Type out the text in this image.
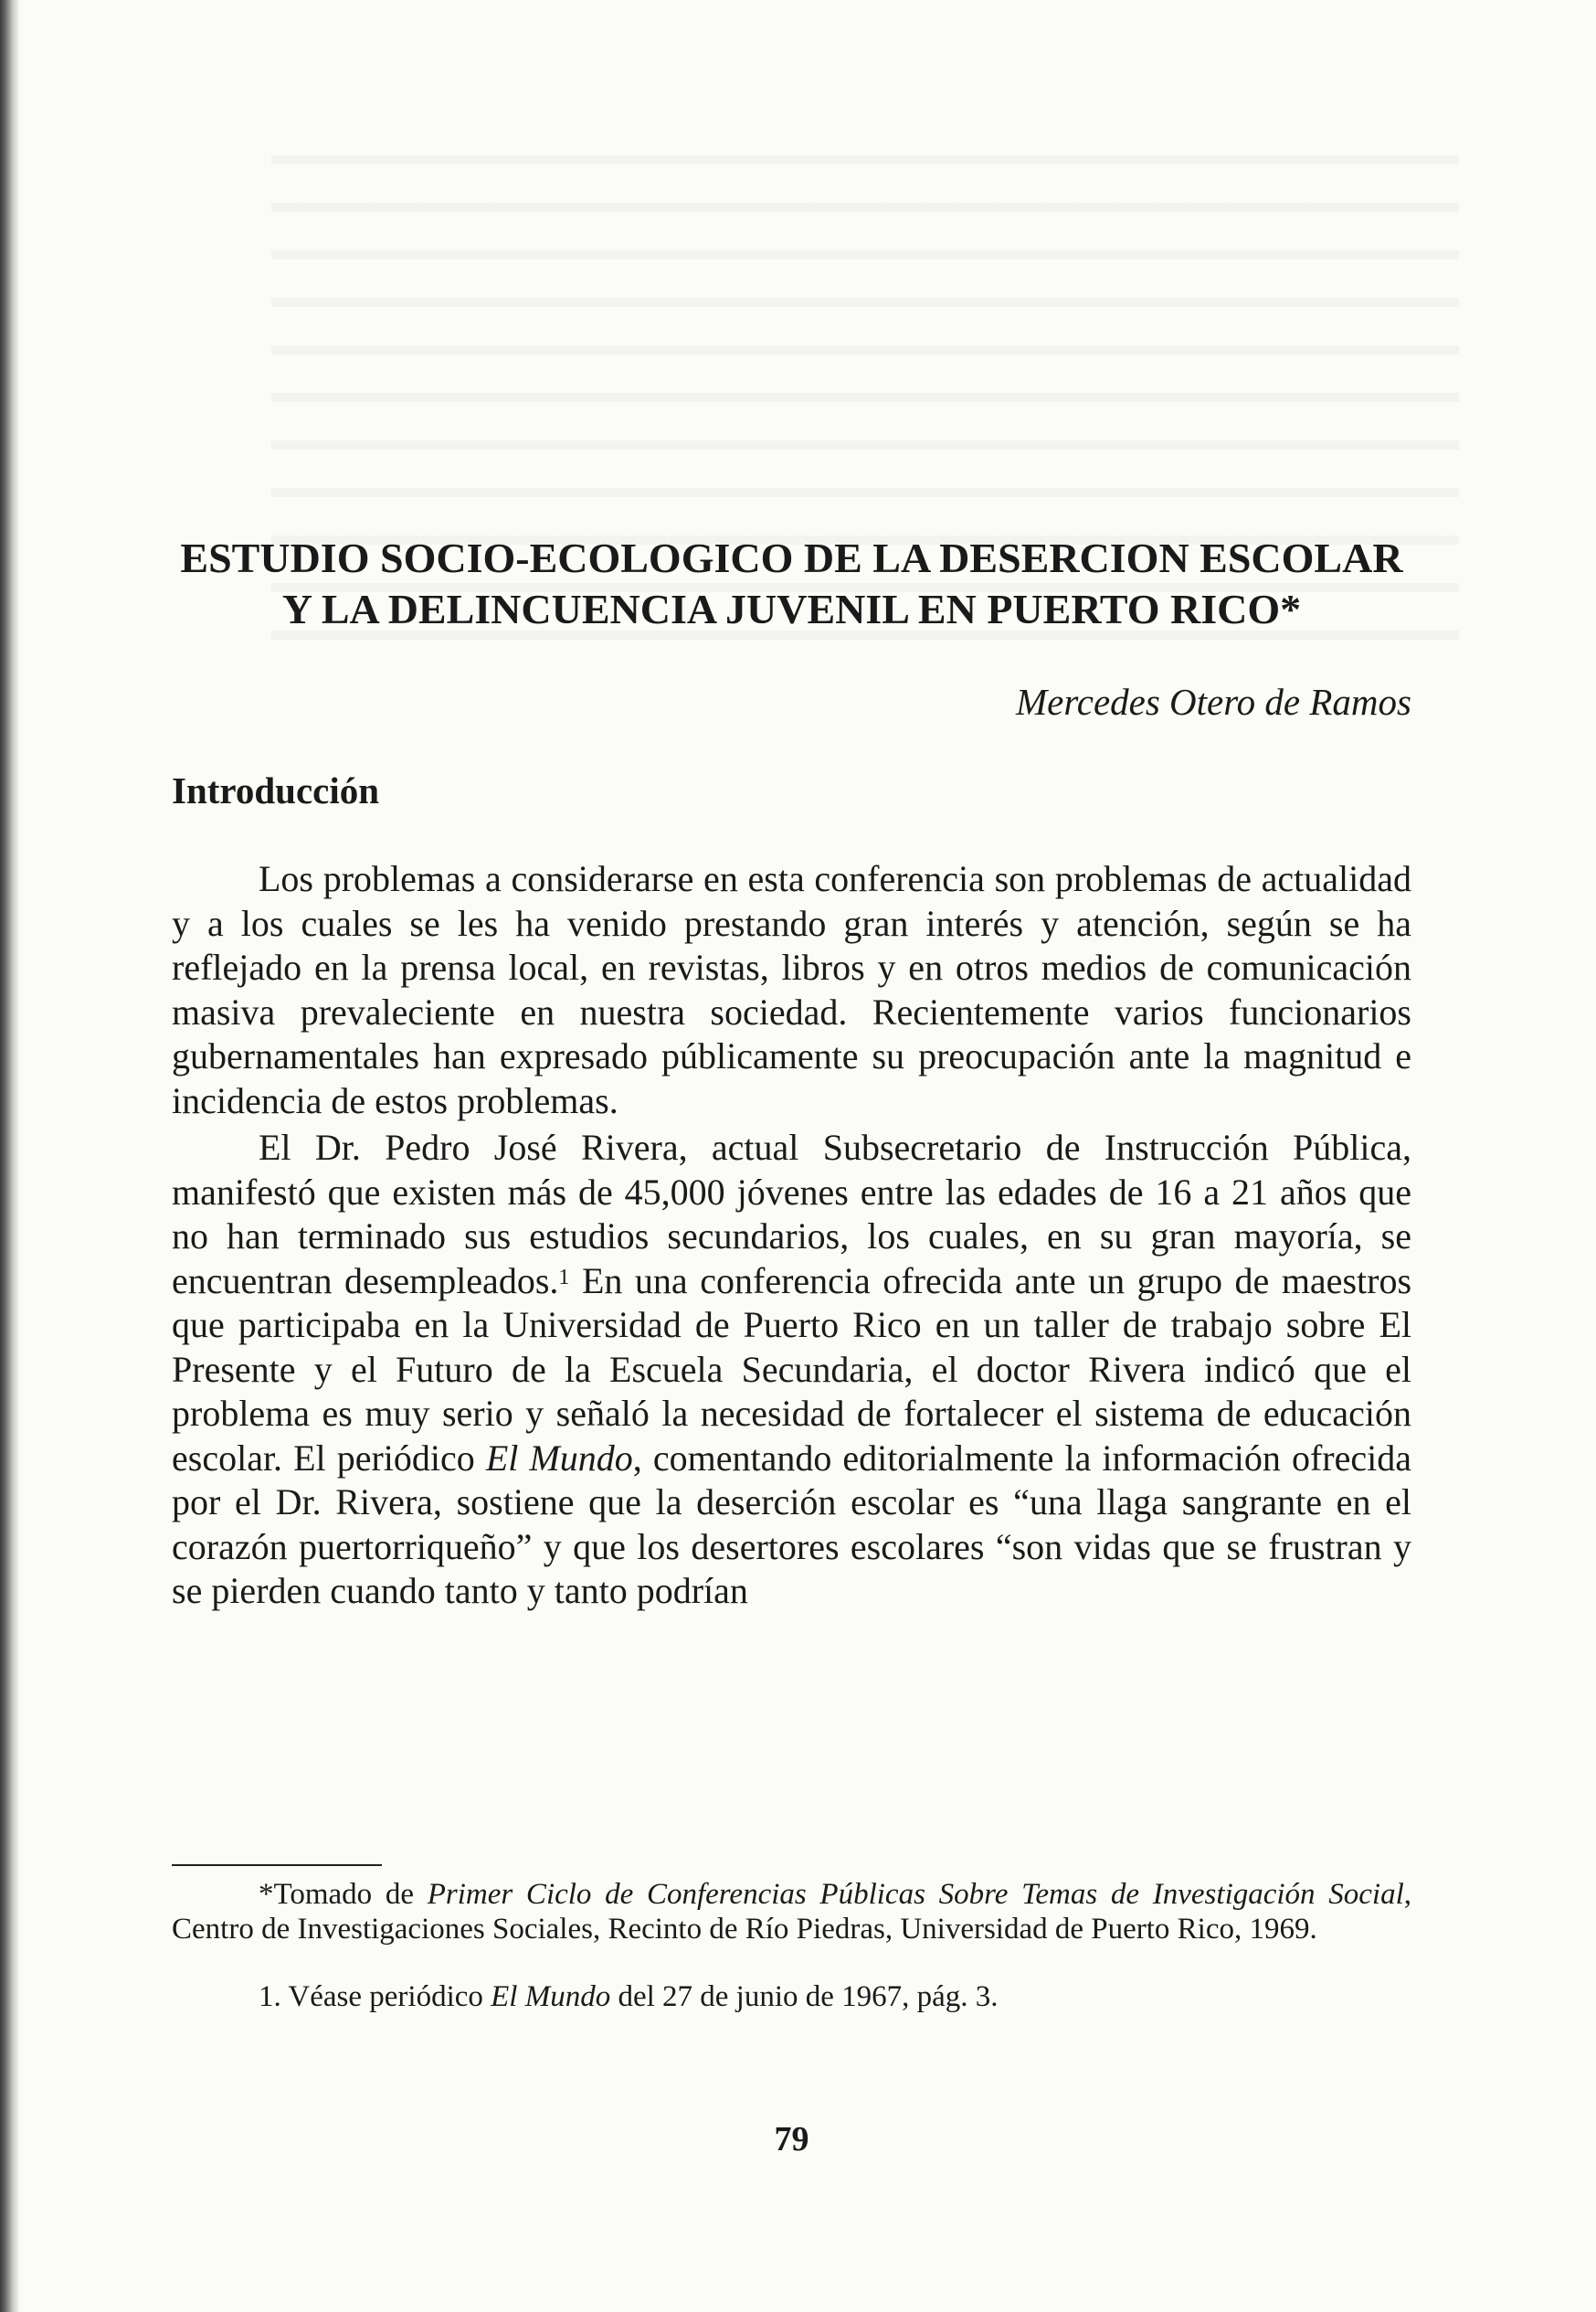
ESTUDIO SOCIO-ECOLOGICO DE LA DESERCION ESCOLAR
Y LA DELINCUENCIA JUVENIL EN PUERTO RICO*
Mercedes Otero de Ramos
Introducción

Los problemas a considerarse en esta conferencia son problemas de actualidad y a los cuales se les ha venido prestando gran interés y atención, según se ha reflejado en la prensa local, en revistas, libros y en otros medios de comunicación masiva prevaleciente en nuestra sociedad. Recientemente varios funcionarios gubernamentales han expresado públicamente su preocupación ante la magnitud e incidencia de estos problemas.

El Dr. Pedro José Rivera, actual Subsecretario de Instrucción Pública, manifestó que existen más de 45,000 jóvenes entre las edades de 16 a 21 años que no han terminado sus estudios secundarios, los cuales, en su gran mayoría, se encuentran desempleados.$^1$ En una conferencia ofrecida ante un grupo de maestros que participaba en la Universidad de Puerto Rico en un taller de trabajo sobre El Presente y el Futuro de la Escuela Secundaria, el doctor Rivera indicó que el problema es muy serio y señaló la necesidad de fortalecer el sistema de educación escolar. El periódico El Mundo, comentando editorialmente la información ofrecida por el Dr. Rivera, sostiene que la deserción escolar es “una llaga sangrante en el corazón puertorriqueño” y que los desertores escolares “son vidas que se frustran y se pierden cuando tanto y tanto podrían

*Tomado de Primer Ciclo de Conferencias Públicas Sobre Temas de Investigación Social, Centro de Investigaciones Sociales, Recinto de Río Piedras, Universidad de Puerto Rico, 1969.

1. Véase periódico El Mundo del 27 de junio de 1967, pág. 3.

79
